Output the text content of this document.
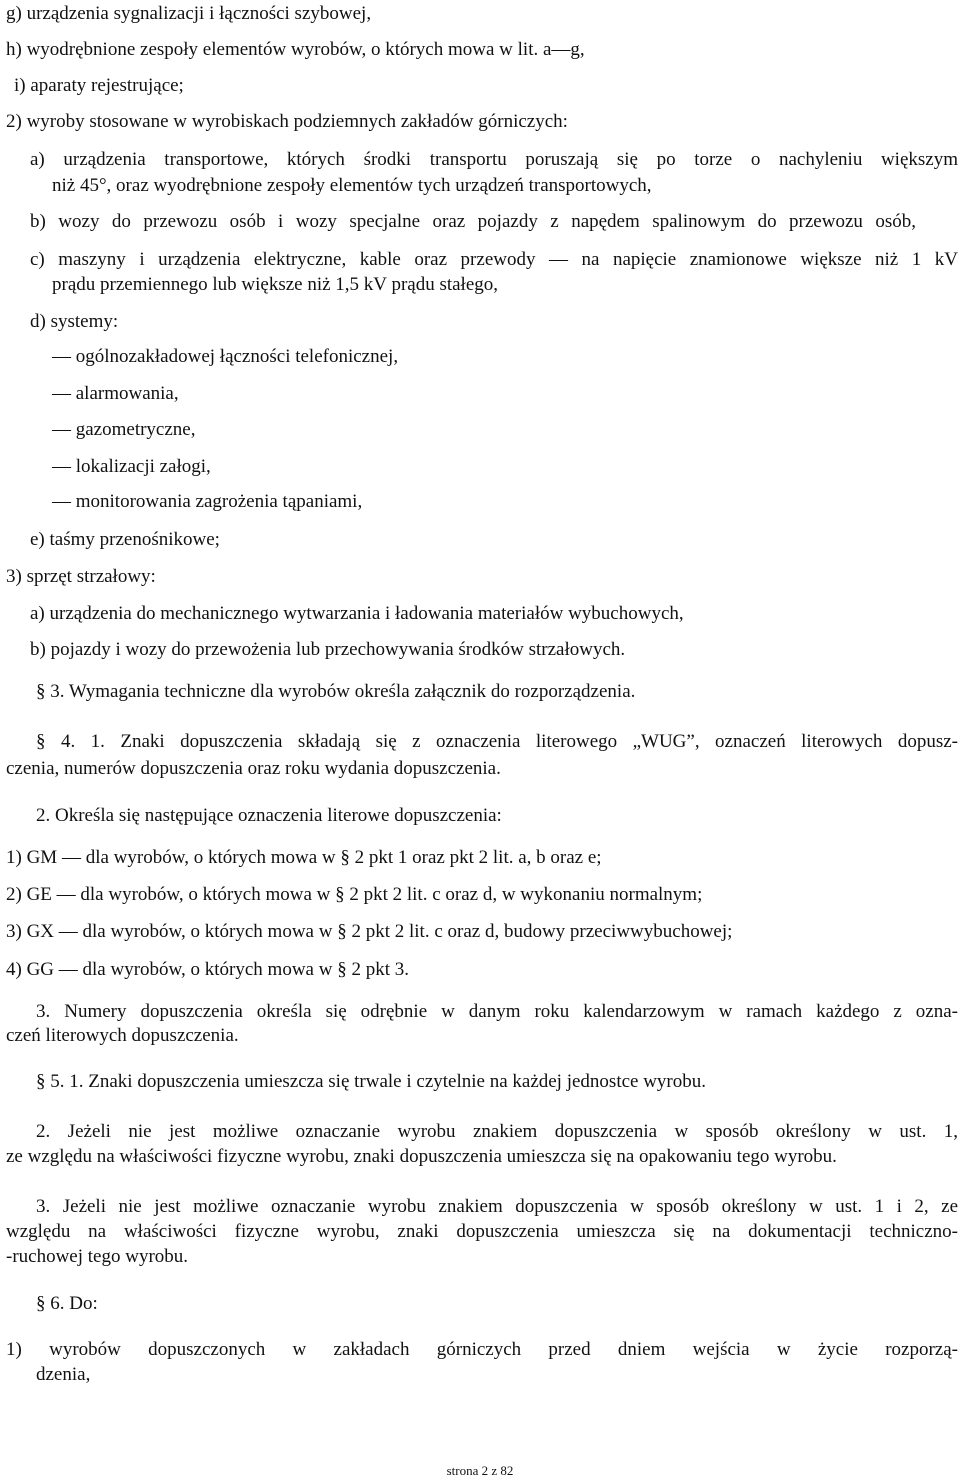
g) urządzenia sygnalizacji i łączności szybowej,
h) wyodrębnione zespoły elementów wyrobów, o których mowa w lit. a—g,
i) aparaty rejestrujące;
2) wyroby stosowane w wyrobiskach podziemnych zakładów górniczych:
a) urządzenia transportowe, których środki transportu poruszają się po torze o nachyleniu większym
niż 45°, oraz wyodrębnione zespoły elementów tych urządzeń transportowych,
b) wozy do przewozu osób i wozy specjalne oraz pojazdy z napędem spalinowym do przewozu osób,
c) maszyny i urządzenia elektryczne, kable oraz przewody — na napięcie znamionowe większe niż 1 kV
prądu przemiennego lub większe niż 1,5 kV prądu stałego,
d) systemy:
— ogólnozakładowej łączności telefonicznej,
— alarmowania,
— gazometryczne,
— lokalizacji załogi,
— monitorowania zagrożenia tąpaniami,
e) taśmy przenośnikowe;
3) sprzęt strzałowy:
a) urządzenia do mechanicznego wytwarzania i ładowania materiałów wybuchowych,
b) pojazdy i wozy do przewożenia lub przechowywania środków strzałowych.
§ 3. Wymagania techniczne dla wyrobów określa załącznik do rozporządzenia.
§ 4. 1. Znaki dopuszczenia składają się z oznaczenia literowego „WUG”, oznaczeń literowych dopusz-
czenia, numerów dopuszczenia oraz roku wydania dopuszczenia.
2. Określa się następujące oznaczenia literowe dopuszczenia:
1) GM — dla wyrobów, o których mowa w § 2 pkt 1 oraz pkt 2 lit. a, b oraz e;
2) GE — dla wyrobów, o których mowa w § 2 pkt 2 lit. c oraz d, w wykonaniu normalnym;
3) GX — dla wyrobów, o których mowa w § 2 pkt 2 lit. c oraz d, budowy przeciwwybuchowej;
4) GG — dla wyrobów, o których mowa w § 2 pkt 3.
3. Numery dopuszczenia określa się odrębnie w danym roku kalendarzowym w ramach każdego z ozna-
czeń literowych dopuszczenia.
§ 5. 1. Znaki dopuszczenia umieszcza się trwale i czytelnie na każdej jednostce wyrobu.
2. Jeżeli nie jest możliwe oznaczanie wyrobu znakiem dopuszczenia w sposób określony w ust. 1,
ze względu na właściwości fizyczne wyrobu, znaki dopuszczenia umieszcza się na opakowaniu tego wyrobu.
3. Jeżeli nie jest możliwe oznaczanie wyrobu znakiem dopuszczenia w sposób określony w ust. 1 i 2, ze
względu na właściwości fizyczne wyrobu, znaki dopuszczenia umieszcza się na dokumentacji techniczno-
-ruchowej tego wyrobu.
§ 6. Do:
1) wyrobów dopuszczonych w zakładach górniczych przed dniem wejścia w życie rozporzą-
dzenia,
strona 2 z 82
